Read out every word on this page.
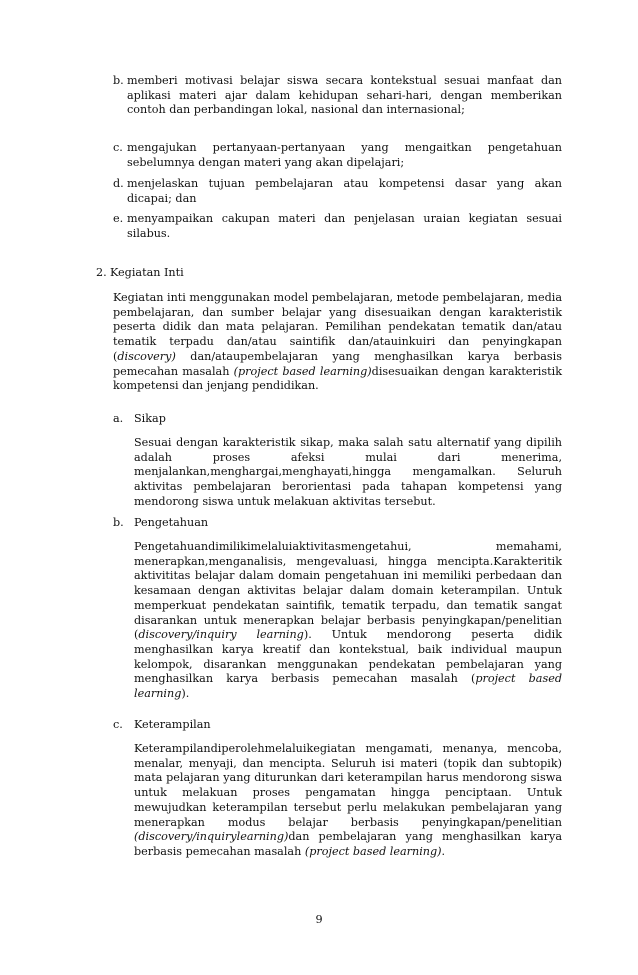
b. memberi motivasi belajar siswa secara kontekstual sesuai manfaat dan aplikasi materi ajar dalam kehidupan sehari-hari, dengan memberikan contoh dan perbandingan lokal, nasional dan internasional;

c. mengajukan pertanyaan-pertanyaan yang mengaitkan pengetahuan sebelumnya dengan materi yang akan dipelajari;

d. menjelaskan tujuan pembelajaran atau kompetensi dasar yang akan dicapai; dan

e. menyampaikan cakupan materi dan penjelasan uraian kegiatan sesuai silabus.

2. Kegiatan Inti

Kegiatan inti menggunakan model pembelajaran, metode pembelajaran, media pembelajaran, dan sumber belajar yang disesuaikan dengan karakteristik peserta didik dan mata pelajaran. Pemilihan pendekatan tematik dan/atau tematik terpadu dan/atau saintifik dan/atauinkuiri dan penyingkapan (discovery) dan/ataupembelajaran yang menghasilkan karya berbasis pemecahan masalah (project based learning)disesuaikan dengan karakteristik kompetensi dan jenjang pendidikan.

a. Sikap

Sesuai dengan karakteristik sikap, maka salah satu alternatif yang dipilih adalah proses afeksi mulai dari menerima, menjalankan,menghargai,menghayati,hingga mengamalkan. Seluruh aktivitas pembelajaran berorientasi pada tahapan kompetensi yang mendorong siswa untuk melakuan aktivitas tersebut.

b. Pengetahuan

Pengetahuandimilikimelaluiaktivitasmengetahui, memahami, menerapkan,menganalisis, mengevaluasi, hingga mencipta.Karakteritik aktivititas belajar dalam domain pengetahuan ini memiliki perbedaan dan kesamaan dengan aktivitas belajar dalam domain keterampilan. Untuk memperkuat pendekatan saintifik, tematik terpadu, dan tematik sangat disarankan untuk menerapkan belajar berbasis penyingkapan/penelitian (discovery/inquiry learning). Untuk mendorong peserta didik menghasilkan karya kreatif dan kontekstual, baik individual maupun kelompok, disarankan menggunakan pendekatan pembelajaran yang menghasilkan karya berbasis pemecahan masalah (project based learning).

c. Keterampilan

Keterampilandiperolehmelaluikegiatan mengamati, menanya, mencoba, menalar, menyaji, dan mencipta. Seluruh isi materi (topik dan subtopik) mata pelajaran yang diturunkan dari keterampilan harus mendorong siswa untuk melakuan proses pengamatan hingga penciptaan. Untuk mewujudkan keterampilan tersebut perlu melakukan pembelajaran yang menerapkan modus belajar berbasis penyingkapan/penelitian (discovery/inquirylearning)dan pembelajaran yang menghasilkan karya berbasis pemecahan masalah (project based learning).

9
